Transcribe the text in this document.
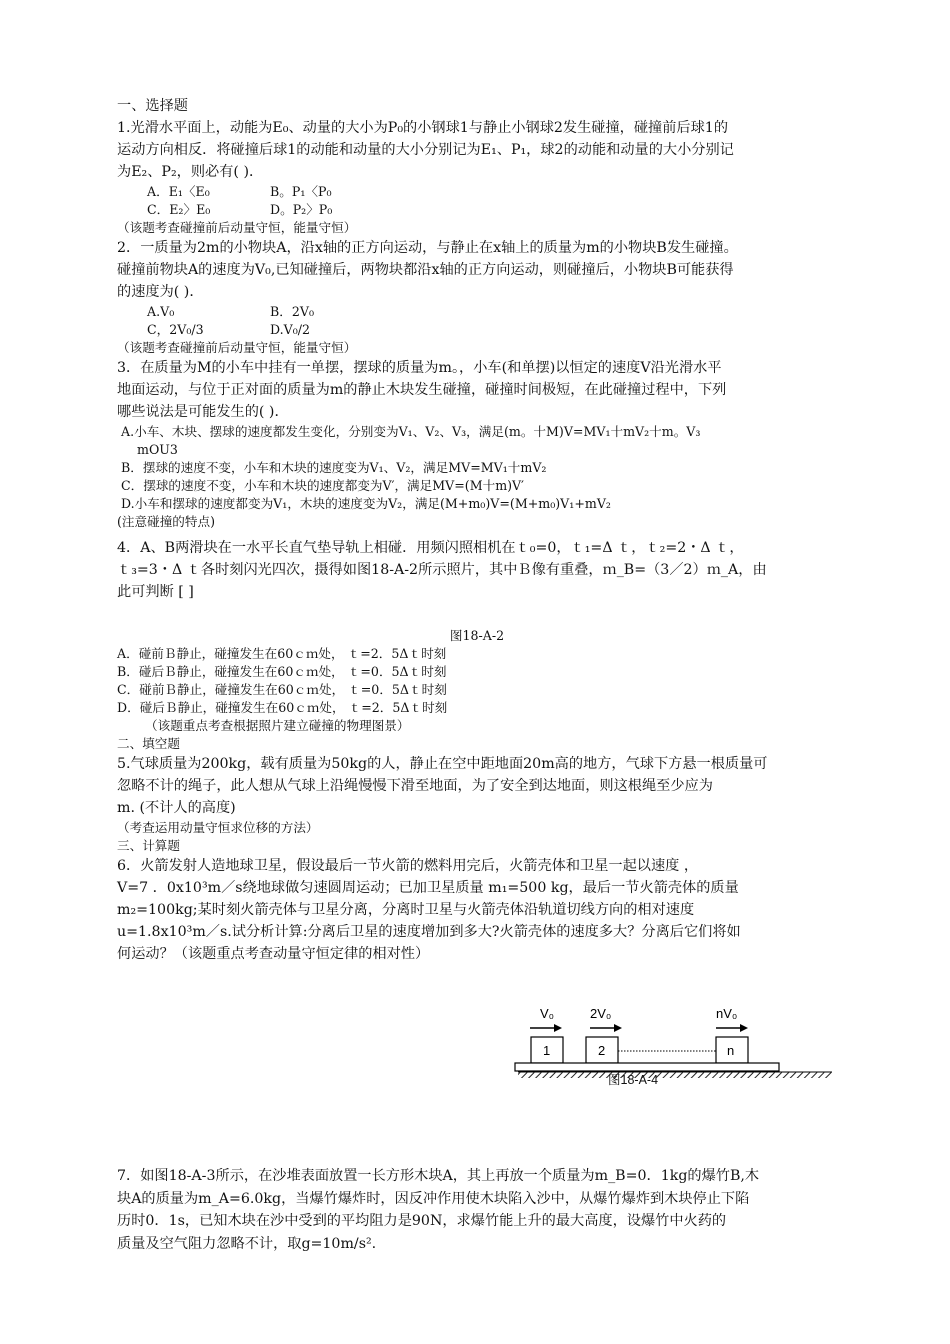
一、选择题

1.光滑水平面上，动能为E₀、动量的大小为P₀的小钢球1与静止小钢球2发生碰撞，碰撞前后球1的

运动方向相反．将碰撞后球1的动能和动量的大小分别记为E₁、P₁，球2的动能和动量的大小分别记

为E₂、P₂，则必有( )．

A．E₁〈E₀	B。P₁〈P₀
C．E₂〉E₀	D。P₂〉P₀

（该题考查碰撞前后动量守恒，能量守恒）

2．一质量为2m的小物块A，沿x轴的正方向运动，与静止在x轴上的质量为m的小物块B发生碰撞。

碰撞前物块A的速度为V₀,已知碰撞后，两物块都沿x轴的正方向运动，则碰撞后，小物块B可能获得

的速度为( )．

A.V₀	B．2V₀
C，2V₀/3	D.V₀/2

（该题考查碰撞前后动量守恒，能量守恒）

3．在质量为M的小车中挂有一单摆，摆球的质量为m。，小车(和单摆)以恒定的速度V沿光滑水平

地面运动，与位于正对面的质量为m的静止木块发生碰撞，碰撞时间极短，在此碰撞过程中，下列

哪些说法是可能发生的( )．

A.小车、木块、摆球的速度都发生变化，分别变为V₁、V₂、V₃，满足(m。十M)V=MV₁十mV₂十m。V₃

mOU3

B．摆球的速度不变，小车和木块的速度变为V₁、V₂，满足MV=MV₁十mV₂

C．摆球的速度不变，小车和木块的速度都变为V′，满足MV=(M十m)V′

D.小车和摆球的速度都变为V₁，木块的速度变为V₂，满足(M+m₀)V=(M+m₀)V₁+mV₂

(注意碰撞的特点)

4．A、B两滑块在一水平长直气垫导轨上相碰．用频闪照相机在ｔ₀=0，ｔ₁=Δ ｔ，ｔ₂=2・Δ ｔ，

ｔ₃=3・Δ ｔ各时刻闪光四次，摄得如图18-A-2所示照片，其中Ｂ像有重叠，ｍ_B=（3／2）ｍ_A，由

此可判断 [ ]

图18-A-2

A．碰前Ｂ静止，碰撞发生在60ｃｍ处， ｔ=2．5Δｔ时刻

B．碰后Ｂ静止，碰撞发生在60ｃｍ处， ｔ=0．5Δｔ时刻

C．碰前Ｂ静止，碰撞发生在60ｃｍ处， ｔ=0．5Δｔ时刻

D．碰后Ｂ静止，碰撞发生在60ｃｍ处， ｔ=2．5Δｔ时刻

（该题重点考查根据照片建立碰撞的物理图景）

二、填空题

5.气球质量为200kg，载有质量为50kg的人，静止在空中距地面20m高的地方，气球下方悬一根质量可

忽略不计的绳子，此人想从气球上沿绳慢慢下滑至地面，为了安全到达地面，则这根绳至少应为

m. (不计人的高度)

（考查运用动量守恒求位移的方法）

三、计算题

6．火箭发射人造地球卫星，假设最后一节火箭的燃料用完后，火箭壳体和卫星一起以速度 ，

V=7 ．0x10³m／s绕地球做匀速圆周运动；已加卫星质量 m₁=500 kg，最后一节火箭壳体的质量

m₂=100kg;某时刻火箭壳体与卫星分离，分离时卫星与火箭壳体沿轨道切线方向的相对速度

u=1.8x10³m／s.试分析计算:分离后卫星的速度增加到多大?火箭壳体的速度多大？分离后它们将如

何运动？（该题重点考查动量守恒定律的相对性）

V₀	2V₀	nV₀
1	2	n
图18-A-4

7．如图18-A-3所示，在沙堆表面放置一长方形木块A，其上再放一个质量为m_B=0．1kg的爆竹B,木

块A的质量为m_A=6.0kg，当爆竹爆炸时，因反冲作用使木块陷入沙中，从爆竹爆炸到木块停止下陷

历时0．1s，已知木块在沙中受到的平均阻力是90N，求爆竹能上升的最大高度，设爆竹中火药的

质量及空气阻力忽略不计，取g=10m/s².
